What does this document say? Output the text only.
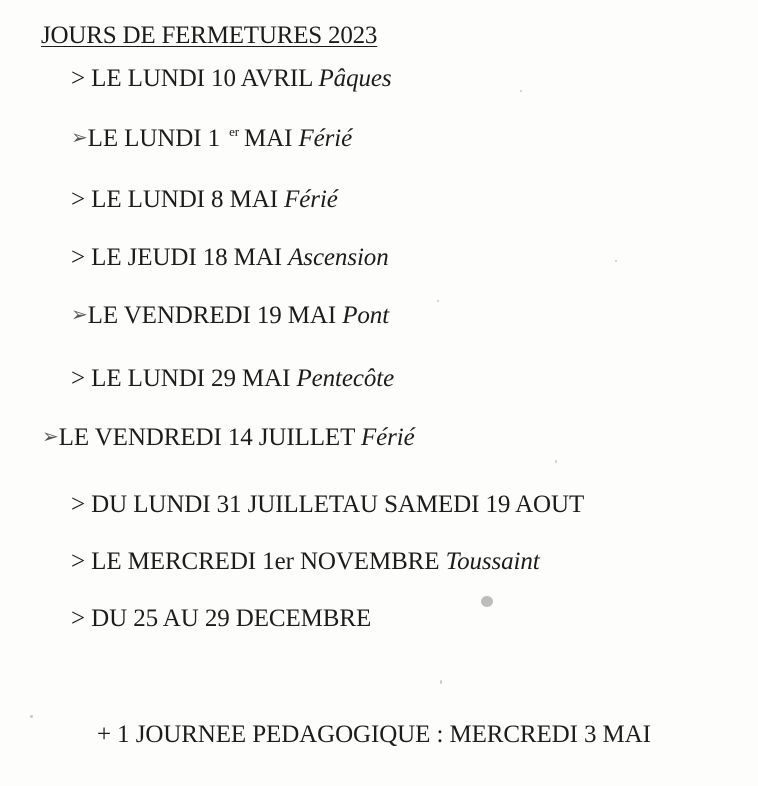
JOURS DE FERMETURES 2023
> LE LUNDI 10 AVRIL Pâques
➢LE LUNDI 1 $^{er}$ MAI Férié
> LE LUNDI 8 MAI Férié
> LE JEUDI 18 MAI Ascension
➢LE VENDREDI 19 MAI Pont
> LE LUNDI 29 MAI Pentecôte
➢LE VENDREDI 14 JUILLET Férié
> DU LUNDI 31 JUILLETAU SAMEDI 19 AOUT
> LE MERCREDI 1er NOVEMBRE Toussaint
> DU 25 AU 29 DECEMBRE
+ 1 JOURNEE PEDAGOGIQUE : MERCREDI 3 MAI
